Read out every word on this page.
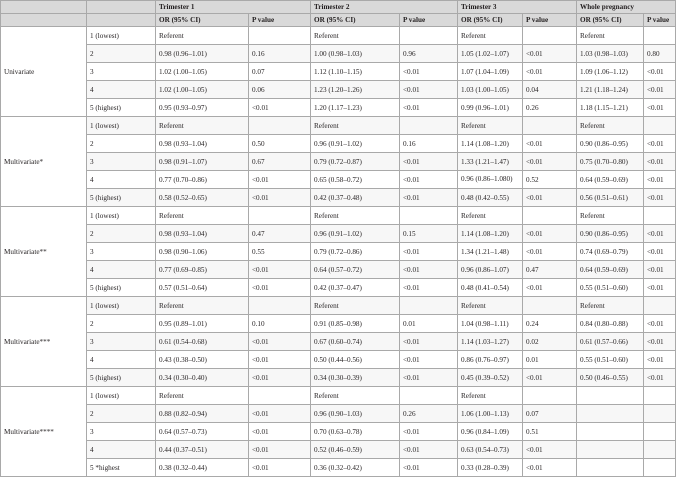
		Trimester 1		Trimester 2		Trimester 3		Whole pregnancy	
		OR (95% CI)	P value	OR (95% CI)	P value	OR (95% CI)	P value	OR (95% CI)	P value
Univariate	1 (lowest)	Referent		Referent		Referent		Referent	
	2	0.98 (0.96–1.01)	0.16	1.00 (0.98–1.03)	0.96	1.05 (1.02–1.07)	<0.01	1.03 (0.98–1.03)	0.80
	3	1.02 (1.00–1.05)	0.07	1.12 (1.10–1.15)	<0.01	1.07 (1.04–1.09)	<0.01	1.09 (1.06–1.12)	<0.01
	4	1.02 (1.00–1.05)	0.06	1.23 (1.20–1.26)	<0.01	1.03 (1.00–1.05)	0.04	1.21 (1.18–1.24)	<0.01
	5 (highest)	0.95 (0.93–0.97)	<0.01	1.20 (1.17–1.23)	<0.01	0.99 (0.96–1.01)	0.26	1.18 (1.15–1.21)	<0.01
Multivariate*	1 (lowest)	Referent		Referent		Referent		Referent	
	2	0.98 (0.93–1.04)	0.50	0.96 (0.91–1.02)	0.16	1.14 (1.08–1.20)	<0.01	0.90 (0.86–0.95)	<0.01
	3	0.98 (0.91–1.07)	0.67	0.79 (0.72–0.87)	<0.01	1.33 (1.21–1.47)	<0.01	0.75 (0.70–0.80)	<0.01
	4	0.77 (0.70–0.86)	<0.01	0.65 (0.58–0.72)	<0.01	0.96 (0.86–1.080)	0.52	0.64 (0.59–0.69)	<0.01
	5 (highest)	0.58 (0.52–0.65)	<0.01	0.42 (0.37–0.48)	<0.01	0.48 (0.42–0.55)	<0.01	0.56 (0.51–0.61)	<0.01
Multivariate**	1 (lowest)	Referent		Referent		Referent		Referent	
	2	0.98 (0.93–1.04)	0.47	0.96 (0.91–1.02)	0.15	1.14 (1.08–1.20)	<0.01	0.90 (0.86–0.95)	<0.01
	3	0.98 (0.90–1.06)	0.55	0.79 (0.72–0.86)	<0.01	1.34 (1.21–1.48)	<0.01	0.74 (0.69–0.79)	<0.01
	4	0.77 (0.69–0.85)	<0.01	0.64 (0.57–0.72)	<0.01	0.96 (0.86–1.07)	0.47	0.64 (0.59–0.69)	<0.01
	5 (highest)	0.57 (0.51–0.64)	<0.01	0.42 (0.37–0.47)	<0.01	0.48 (0.41–0.54)	<0.01	0.55 (0.51–0.60)	<0.01
Multivariate***	1 (lowest)	Referent		Referent		Referent		Referent	
	2	0.95 (0.89–1.01)	0.10	0.91 (0.85–0.98)	0.01	1.04 (0.98–1.11)	0.24	0.84 (0.80–0.88)	<0.01
	3	0.61 (0.54–0.68)	<0.01	0.67 (0.60–0.74)	<0.01	1.14 (1.03–1.27)	0.02	0.61 (0.57–0.66)	<0.01
	4	0.43 (0.38–0.50)	<0.01	0.50 (0.44–0.56)	<0.01	0.86 (0.76–0.97)	0.01	0.55 (0.51–0.60)	<0.01
	5 (highest)	0.34 (0.30–0.40)	<0.01	0.34 (0.30–0.39)	<0.01	0.45 (0.39–0.52)	<0.01	0.50 (0.46–0.55)	<0.01
Multivariate****	1 (lowest)	Referent		Referent		Referent			
	2	0.88 (0.82–0.94)	<0.01	0.96 (0.90–1.03)	0.26	1.06 (1.00–1.13)	0.07		
	3	0.64 (0.57–0.73)	<0.01	0.70 (0.63–0.78)	<0.01	0.96 (0.84–1.09)	0.51		
	4	0.44 (0.37–0.51)	<0.01	0.52 (0.46–0.59)	<0.01	0.63 (0.54–0.73)	<0.01		
	5 *highest	0.38 (0.32–0.44)	<0.01	0.36 (0.32–0.42)	<0.01	0.33 (0.28–0.39)	<0.01		
